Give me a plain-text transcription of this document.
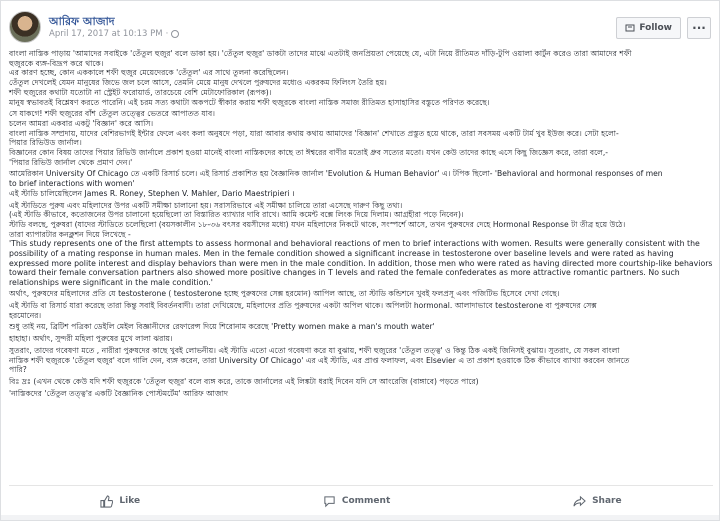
আরিফ আজাদ
April 17, 2017 at 10:13 PM ·
Follow	···

বাংলা নাস্তিক পাড়ায় 'আমাদের সবাইকে 'তেঁতুল হুজুর' বলে ডাকা হয়। 'তেঁতুল হুজুর' ডাকটা তাদের মাঝে এতটাই জনপ্রিয়তা পেয়েছে যে, এটা নিয়ে রীতিমত দাঁড়ি-টুপি ওয়ালা কার্টুন করেও তারা আমাদের শফী

হুজুরকে ব্যঙ্গ-বিদ্রূপ করে থাকে।

এর কারণ হচ্ছে, কোন এককালে শফী হুজুর মেয়েদেরকে 'তেঁতুল' এর সাথে তুলনা করেছিলেন।

তেঁতুল দেখলেই যেমন মানুষের জিভে জল চলে আসে, তেমনি মেয়ে মানুষ দেখলে পুরুষদের মধ্যেও একরকম ফিলিংস তৈরি হয়।

শফী হুজুরের কথাটা যতোটা না স্ট্রেইট ফরোয়ার্ড, তারচেয়ে বেশি মেটাফোরিকাল (রূপক)।

মানুষ স্বভাবতই বিশ্লেষণ করতে পারেনি। এই চরম সত্য কথাটা অকপটে স্বীকার করায় শফী হুজুরকে বাংলা নাস্তিক সমাজ রীতিমত হাসাহাসির বস্তুতে পরিণত করেছে।

সে যাকগে! শফী হুজুরের বাঁশ তেঁতুল তত্ত্বের ভেতরে আপাতত যাব।

চলেন আমরা একবার একটু 'বিজ্ঞান' করে আসি।

বাংলা নাস্তিক সম্প্রদায়, যাদের বেশিরভাগই ইন্টার ফেলে এবং কলা অনুষদে পড়া, যারা আবার কথায় কথায় আমাদের 'বিজ্ঞান' শেখাতে প্রস্তুত হয়ে থাকে, তারা সবসময় একটি টার্ম খুব ইউজ করে। সেটা হলো-

পিয়ার রিভিউড জার্নাল।

বিজ্ঞানের কোন বিষয় তাদের পিয়ার রিভিউ জার্নালে প্রকাশ হওয়া মানেই বাংলা নাস্তিকদের কাছে তা ঈশ্বরের বাণীর মতোই ধ্রুব সত্যের মতো। যখন কেউ তাদের কাছে এসে কিছু জিজ্ঞেস করে, তারা বলে,-

'পিয়ার রিভিউ জার্নাল থেকে প্রমাণ দেন।'

আমেরিকান University Of Chicago তে একটি রিসার্চ চলে। এই রিসার্চ প্রকাশিত হয় বৈজ্ঞানিক জার্নাল 'Evolution & Human Behavior' এ। টপিক ছিলো- 'Behavioral and hormonal responses of men

to brief interactions with women'

এই স্টাডি চালিয়েছিলেন James R. Roney, Stephen V. Mahler, Dario Maestripieri ।

এই স্টাডিতে পুরুষ এবং মহিলাদের উপর একটি সমীক্ষা চালানো হয়। সরাসরিভাবে এই সমীক্ষা চালিয়ে তারা এসেছে দারুণ কিছু তথ্য।

(এই স্টাডি কীভাবে, কতোজনের উপর চালানো হয়েছিলো তা বিস্তারিত ব্যাখ্যার দাবি রাখে। আমি কমেন্ট বক্সে লিংক দিয়ে দিলাম। আগ্রহীরা পড়ে নিবেন)।

স্টাডি বলছে, পুরুষরা (যাদের স্টাডিতে চলেছিলো (বয়সকালীন ১৮-৩৬ বৎসর বয়সীদের মধ্যে) যখন মহিলাদের নিকটে থাকে, সংস্পর্শে আসে, তখন পুরুষদের দেহে Hormonal Response টা তীব্র হয়ে উঠে।

তারা ব্যাপারটার কনক্লুশন দিয়ে লিখেছে -

'This study represents one of the first attempts to assess hormonal and behavioral reactions of men to brief interactions with women. Results were generally consistent with the possibility of a mating response in human males. Men in the female condition showed a significant increase in testosterone over baseline levels and were rated as having expressed more polite interest and display behaviors than were men in the male condition. In addition, those men who were rated as having directed more courtship-like behaviors toward their female conversation partners also showed more positive changes in T levels and rated the female confederates as more attractive romantic partners. No such relationships were significant in the male condition.'

অর্থাৎ, পুরুষদের মহিলাদের প্রতি যে testosterone ( testosterone হচ্ছে পুরুষদের সেক্স হরমোন) আপিল আছে, তা স্টাডি কন্ডিশনে খুবই ফলপ্রসূ এবং পজিটিভ হিসেবে দেখা গেছে।

এই স্টাডি বা রিসার্চ যারা করেছে তারা কিন্তু সবাই বিবর্তনবাদী। তারা দেখিয়েছে, মহিলাদের প্রতি পুরুষদের একটা অপিল থাকে। অপিলটা hormonal. আলাদাভাবে testosterone বা পুরুষদের সেক্স

হরমোনের।

শুধু তাই নয়, ব্রিটিশ পত্রিকা ডেইলি মেইল বিজ্ঞানীদের রেফারেন্স দিয়ে শিরোনাম করেছে 'Pretty women make a man's mouth water'

হাহাহা। অর্থাৎ, সুন্দরী মহিলা পুরুষের মুখে লালা ঝরায়।

সুতরাং, তাদের গবেষণা মতে , নারীরা পুরুষদের কাছে খুবই লোভনীয়। এই স্টাডি এতো এতো গবেষণা করে যা বুঝায়, শফী হুজুরের 'তেঁতুল তত্ত্ব' ও কিন্তু ঠিক একই জিনিসই বুঝায়। সুতরাং, যে সকল বাংলা

নাস্তিক শফী হুজুরকে 'তেঁতুল হুজুর' বলে গালি দেন, ব্যঙ্গ করেন, তারা University Of Chicago' এর এই স্টাডি, এর প্রাপ্ত ফলাফল, এবং Elsevier এ তা প্রকাশ হওয়াকে ঠিক কীভাবে ব্যাখ্যা করবেন জানতে

পারি?

বিঃ দ্রঃ (এখন থেকে কেউ যদি শফী হুজুরকে 'তেঁতুল হুজুর' বলে ব্যঙ্গ করে, তাকে জার্নালের এই লিঙ্কটা ধরাই দিবেন যদি সে আংরেজি (বাঙ্গাবে) পড়তে পারে)

'নাস্তিকদের 'তেঁতুল তত্ত্ব'র একটি বৈজ্ঞানিক পোস্টমর্টেম' আরিফ আজাদ

Like	Comment	Share
